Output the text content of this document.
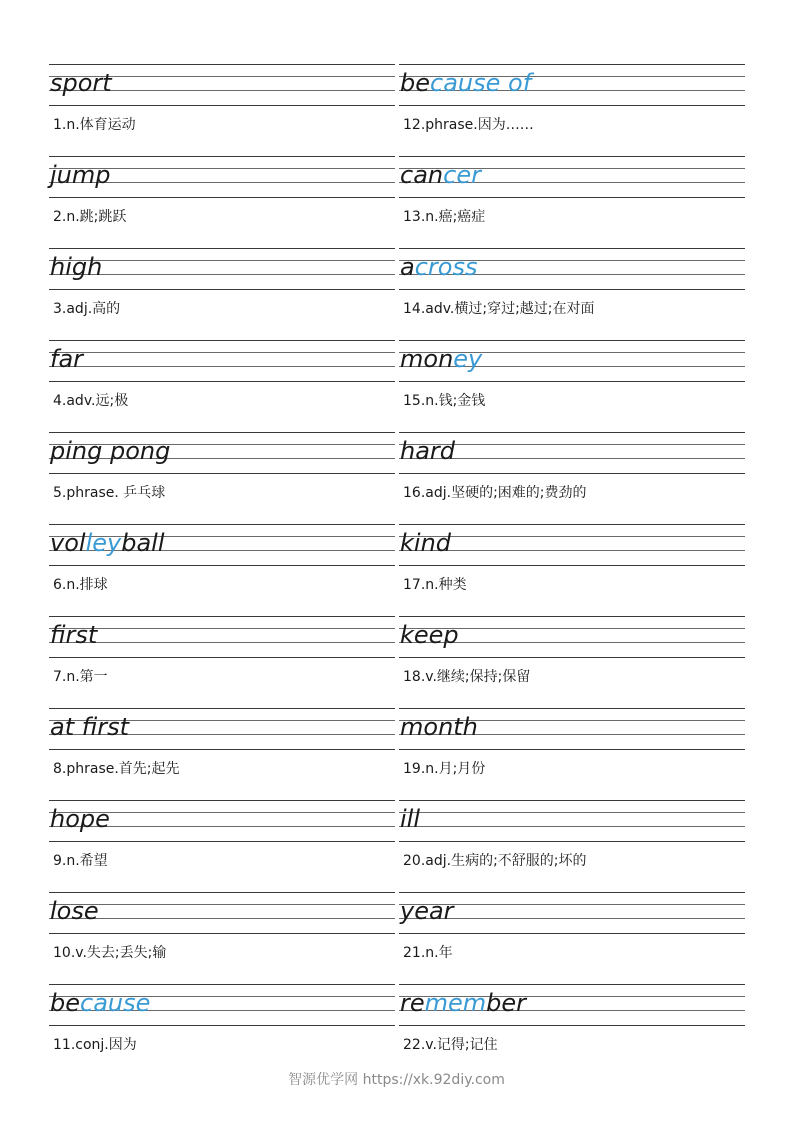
sport
1.n.体育运动
jump
2.n.跳;跳跃
high
3.adj.高的
far
4.adv.远;极
ping pong
5.phrase. 乒乓球
volleyball
6.n.排球
first
7.n.第一
at first
8.phrase.首先;起先
hope
9.n.希望
lose
10.v.失去;丢失;输
because
11.conj.因为
because of
12.phrase.因为……
cancer
13.n.癌;癌症
across
14.adv.横过;穿过;越过;在对面
money
15.n.钱;金钱
hard
16.adj.坚硬的;困难的;费劲的
kind
17.n.种类
keep
18.v.继续;保持;保留
month
19.n.月;月份
ill
20.adj.生病的;不舒服的;坏的
year
21.n.年
remember
22.v.记得;记住
智源优学网 https://xk.92diy.com
